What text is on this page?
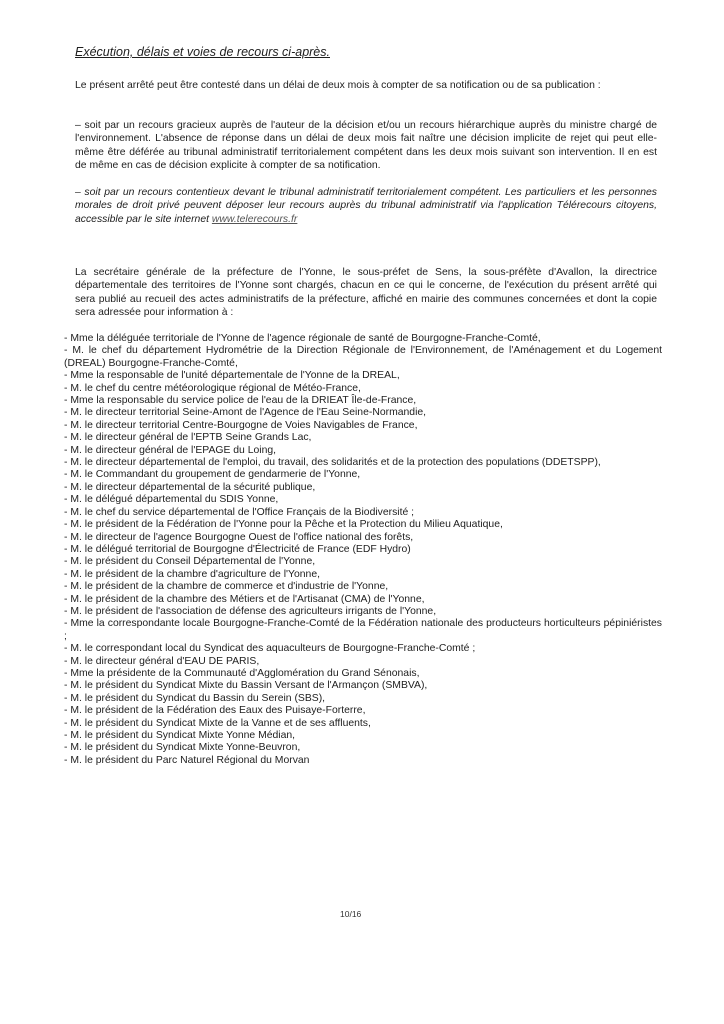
Exécution, délais et voies de recours ci-après.

Le présent arrêté peut être contesté dans un délai de deux mois à compter de sa notification ou de sa publication :

– soit par un recours gracieux auprès de l'auteur de la décision et/ou un recours hiérarchique auprès du ministre chargé de l'environnement. L'absence de réponse dans un délai de deux mois fait naître une décision implicite de rejet qui peut elle-même être déférée au tribunal administratif territorialement compétent dans les deux mois suivant son intervention. Il en est de même en cas de décision explicite à compter de sa notification.

– soit par un recours contentieux devant le tribunal administratif territorialement compétent. Les particuliers et les personnes morales de droit privé peuvent déposer leur recours auprès du tribunal administratif via l'application Télérecours citoyens, accessible par le site internet www.telerecours.fr

La secrétaire générale de la préfecture de l'Yonne, le sous-préfet de Sens, la sous-préfète d'Avallon, la directrice départementale des territoires de l'Yonne sont chargés, chacun en ce qui le concerne, de l'exécution du présent arrêté qui sera publié au recueil des actes administratifs de la préfecture, affiché en mairie des communes concernées et dont la copie sera adressée pour information à :

- Mme la déléguée territoriale de l'Yonne de l'agence régionale de santé de Bourgogne-Franche-Comté,
- M. le chef du département Hydrométrie de la Direction Régionale de l'Environnement, de l'Aménagement et du Logement (DREAL) Bourgogne-Franche-Comté,
- Mme la responsable de l'unité départementale de l'Yonne de la DREAL,
- M. le chef du centre météorologique régional de Météo-France,
- Mme la responsable du service police de l'eau de la DRIEAT Île-de-France,
- M. le directeur territorial Seine-Amont de l'Agence de l'Eau Seine-Normandie,
- M. le directeur territorial Centre-Bourgogne de Voies Navigables de France,
- M. le directeur général de l'EPTB Seine Grands Lac,
- M. le directeur général de l'EPAGE du Loing,
- M. le directeur départemental de l'emploi, du travail, des solidarités et de la protection des populations (DDETSPP),
- M. le Commandant du groupement de gendarmerie de l'Yonne,
- M. le directeur départemental de la sécurité publique,
- M. le délégué départemental du SDIS Yonne,
- M. le chef du service départemental de l'Office Français de la Biodiversité ;
- M. le président de la Fédération de l'Yonne pour la Pêche et la Protection du Milieu Aquatique,
- M. le directeur de l'agence Bourgogne Ouest de l'office national des forêts,
- M. le délégué territorial de Bourgogne d'Électricité de France (EDF Hydro)
- M. le président du Conseil Départemental de l'Yonne,
- M. le président de la chambre d'agriculture de l'Yonne,
- M. le président de la chambre de commerce et d'industrie de l'Yonne,
- M. le président de la chambre des Métiers et de l'Artisanat (CMA) de l'Yonne,
- M. le président de l'association de défense des agriculteurs irrigants de l'Yonne,
- Mme la correspondante locale Bourgogne-Franche-Comté de la Fédération nationale des producteurs horticulteurs pépiniéristes ;
- M. le correspondant local du Syndicat des aquaculteurs de Bourgogne-Franche-Comté ;
- M. le directeur général d'EAU DE PARIS,
- Mme la présidente de la Communauté d'Agglomération du Grand Sénonais,
- M. le président du Syndicat Mixte du Bassin Versant de l'Armançon (SMBVA),
- M. le président du Syndicat du Bassin du Serein (SBS),
- M. le président de la Fédération des Eaux des Puisaye-Forterre,
- M. le président du Syndicat Mixte de la Vanne et de ses affluents,
- M. le président du Syndicat Mixte Yonne Médian,
- M. le président du Syndicat Mixte Yonne-Beuvron,
- M. le président du Parc Naturel Régional du Morvan
10/16
